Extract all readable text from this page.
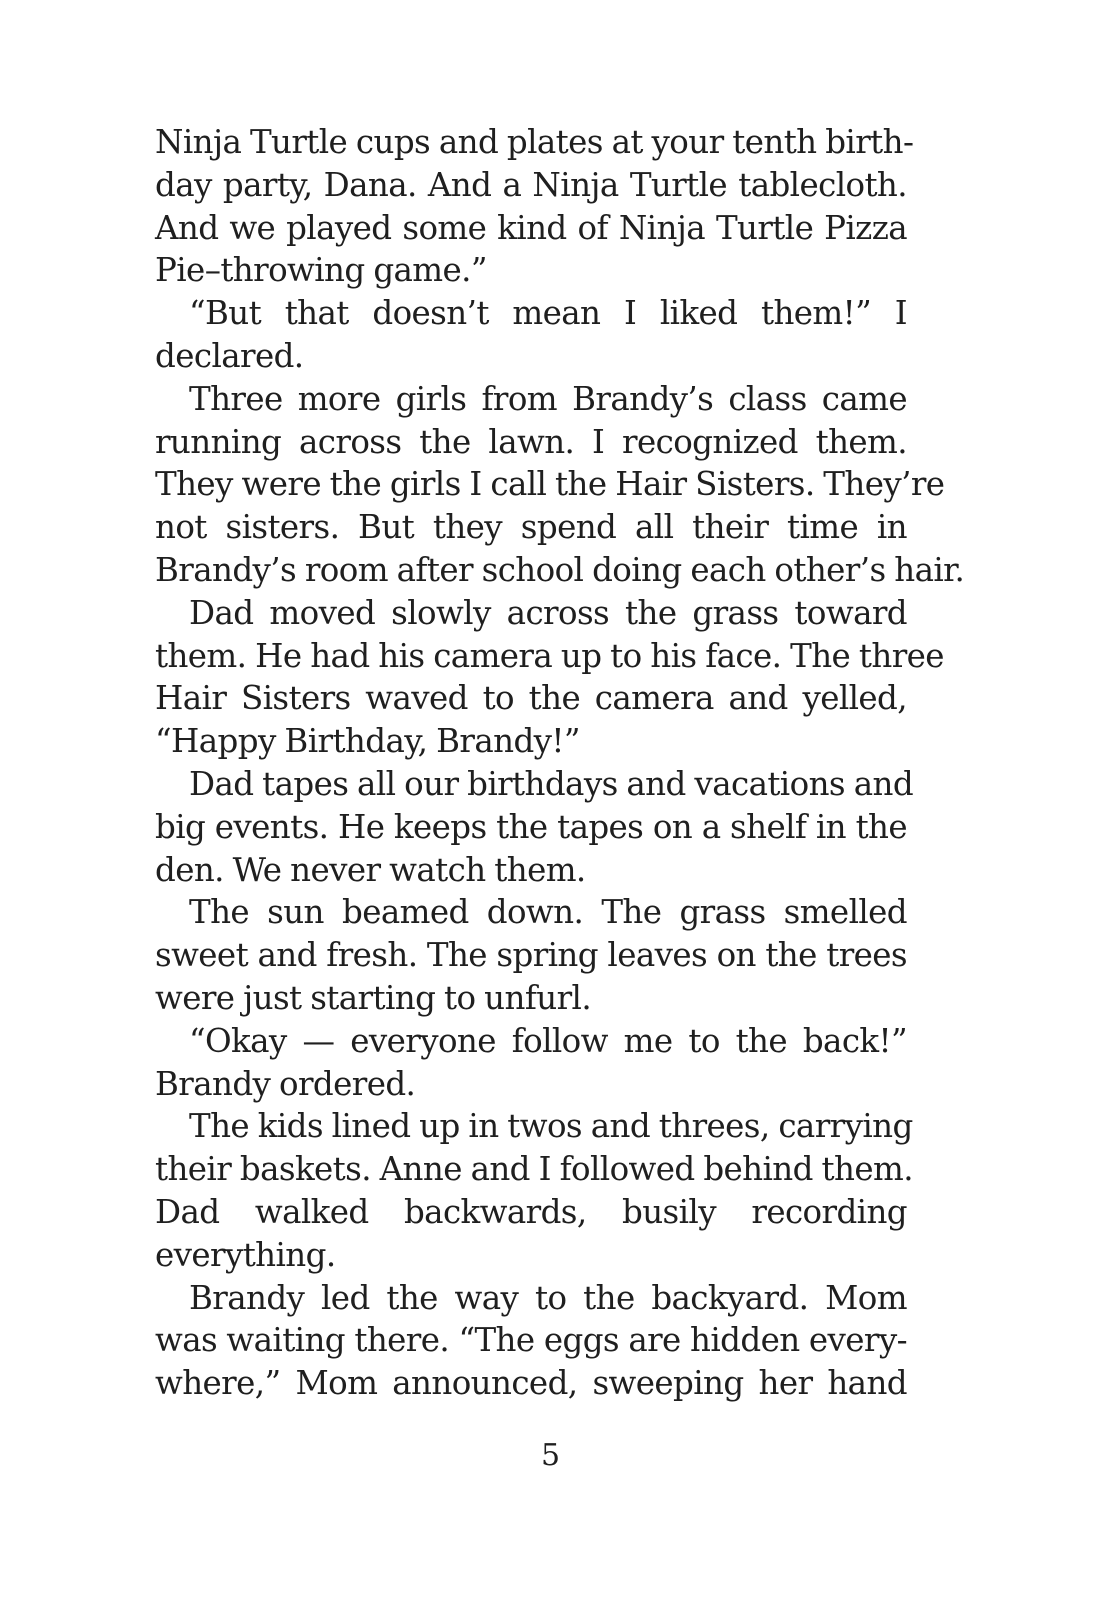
Ninja Turtle cups and plates at your tenth birth-
day party, Dana. And a Ninja Turtle tablecloth.
And we played some kind of Ninja Turtle Pizza
Pie–throwing game.”

“But that doesn’t mean I liked them!” I
declared.

Three more girls from Brandy’s class came
running across the lawn. I recognized them.
They were the girls I call the Hair Sisters. They’re
not sisters. But they spend all their time in
Brandy’s room after school doing each other’s hair.

Dad moved slowly across the grass toward
them. He had his camera up to his face. The three
Hair Sisters waved to the camera and yelled,
“Happy Birthday, Brandy!”

Dad tapes all our birthdays and vacations and
big events. He keeps the tapes on a shelf in the
den. We never watch them.

The sun beamed down. The grass smelled
sweet and fresh. The spring leaves on the trees
were just starting to unfurl.

“Okay — everyone follow me to the back!”
Brandy ordered.

The kids lined up in twos and threes, carrying
their baskets. Anne and I followed behind them.
Dad walked backwards, busily recording
everything.

Brandy led the way to the backyard. Mom
was waiting there. “The eggs are hidden every-
where,” Mom announced, sweeping her hand

5
